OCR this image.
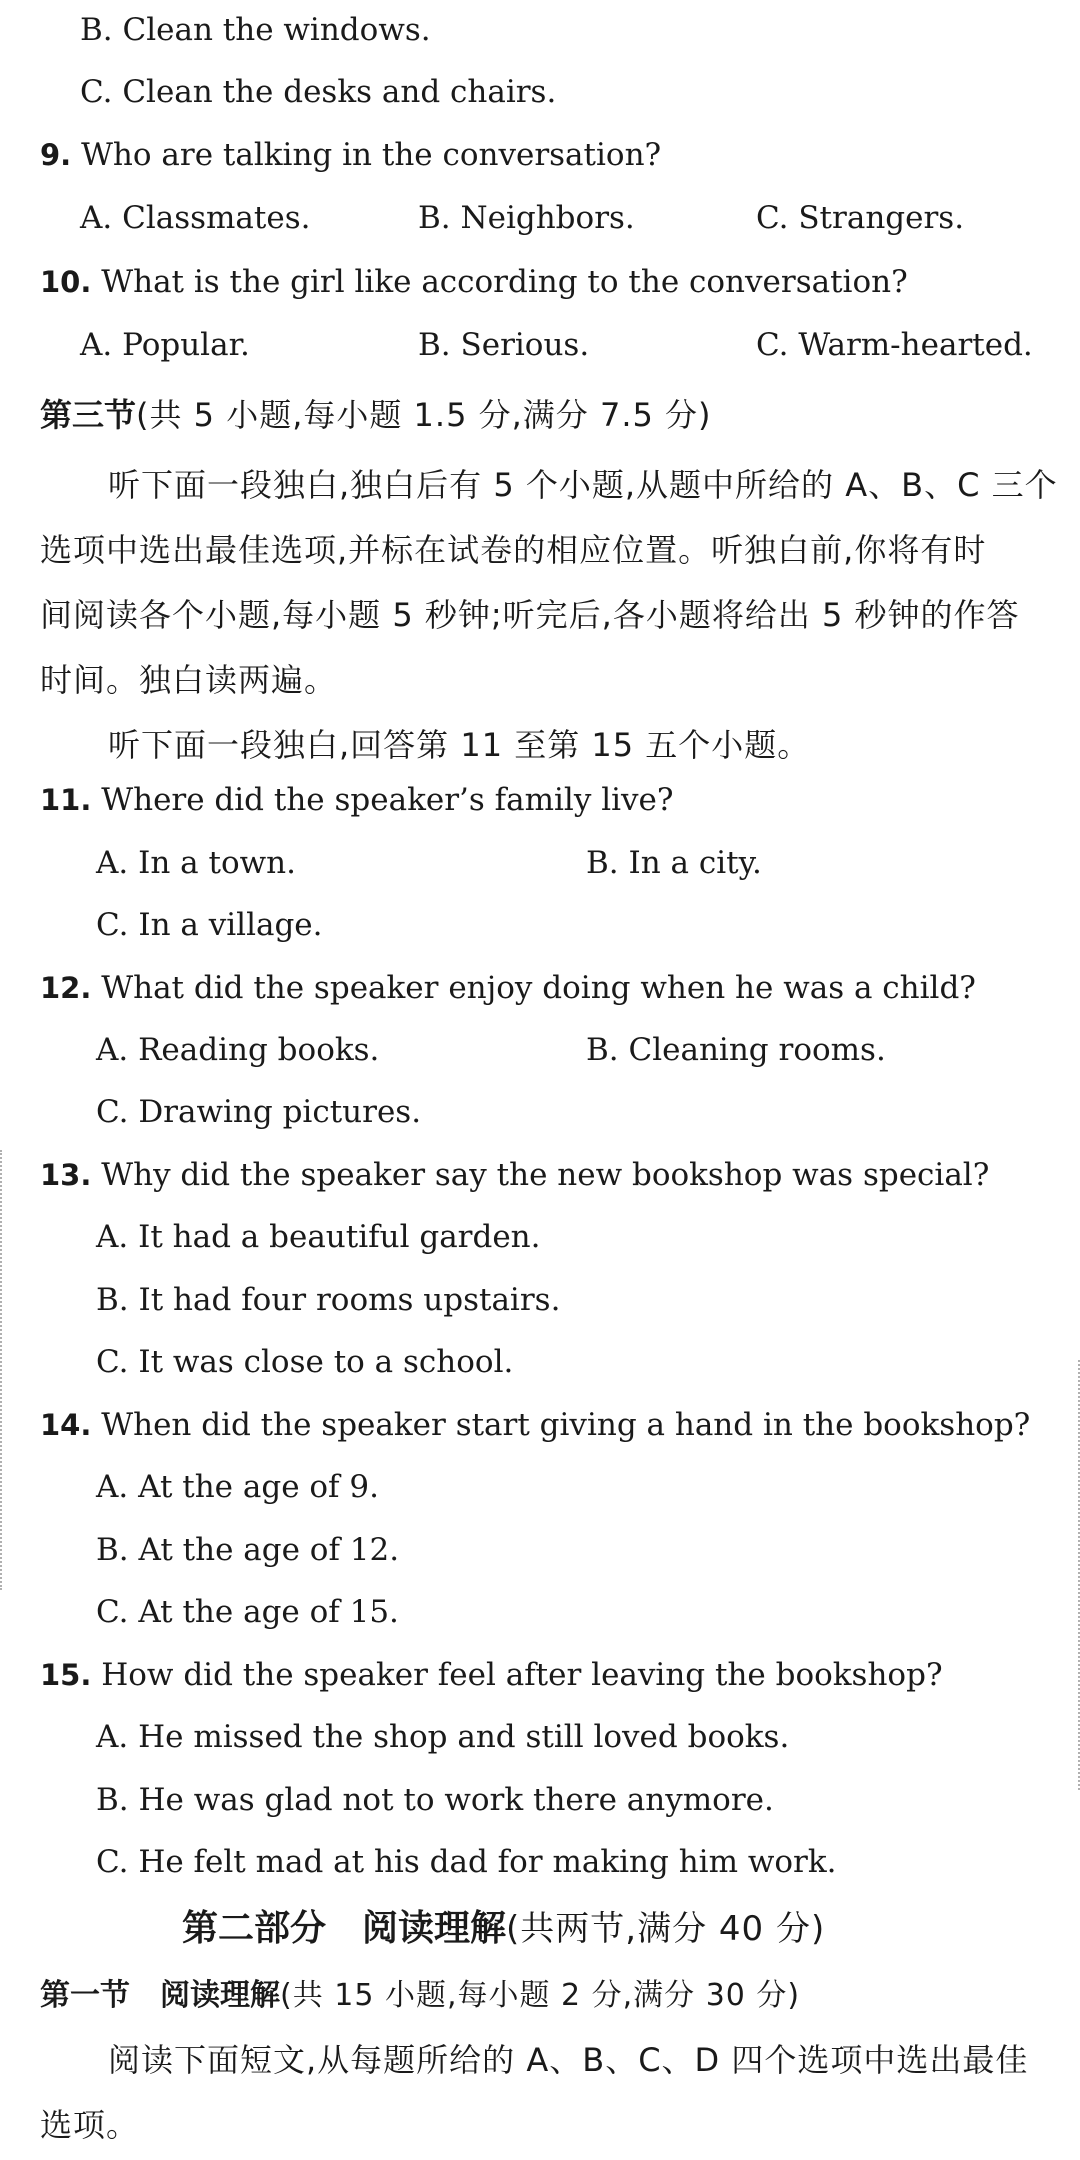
B. Clean the windows.
C. Clean the desks and chairs.
9. Who are talking in the conversation?
A. Classmates.	B. Neighbors.	C. Strangers.
10. What is the girl like according to the conversation?
A. Popular.	B. Serious.	C. Warm-hearted.
第三节(共 5 小题,每小题 1.5 分,满分 7.5 分)
听下面一段独白,独白后有 5 个小题,从题中所给的 A、B、C 三个
选项中选出最佳选项,并标在试卷的相应位置。听独白前,你将有时
间阅读各个小题,每小题 5 秒钟;听完后,各小题将给出 5 秒钟的作答
时间。独白读两遍。
听下面一段独白,回答第 11 至第 15 五个小题。
11. Where did the speaker’s family live?
A. In a town.	B. In a city.
C. In a village.
12. What did the speaker enjoy doing when he was a child?
A. Reading books.	B. Cleaning rooms.
C. Drawing pictures.
13. Why did the speaker say the new bookshop was special?
A. It had a beautiful garden.
B. It had four rooms upstairs.
C. It was close to a school.
14. When did the speaker start giving a hand in the bookshop?
A. At the age of 9.
B. At the age of 12.
C. At the age of 15.
15. How did the speaker feel after leaving the bookshop?
A. He missed the shop and still loved books.
B. He was glad not to work there anymore.
C. He felt mad at his dad for making him work.
第二部分　阅读理解(共两节,满分 40 分)
第一节　阅读理解(共 15 小题,每小题 2 分,满分 30 分)
阅读下面短文,从每题所给的 A、B、C、D 四个选项中选出最佳
选项。
